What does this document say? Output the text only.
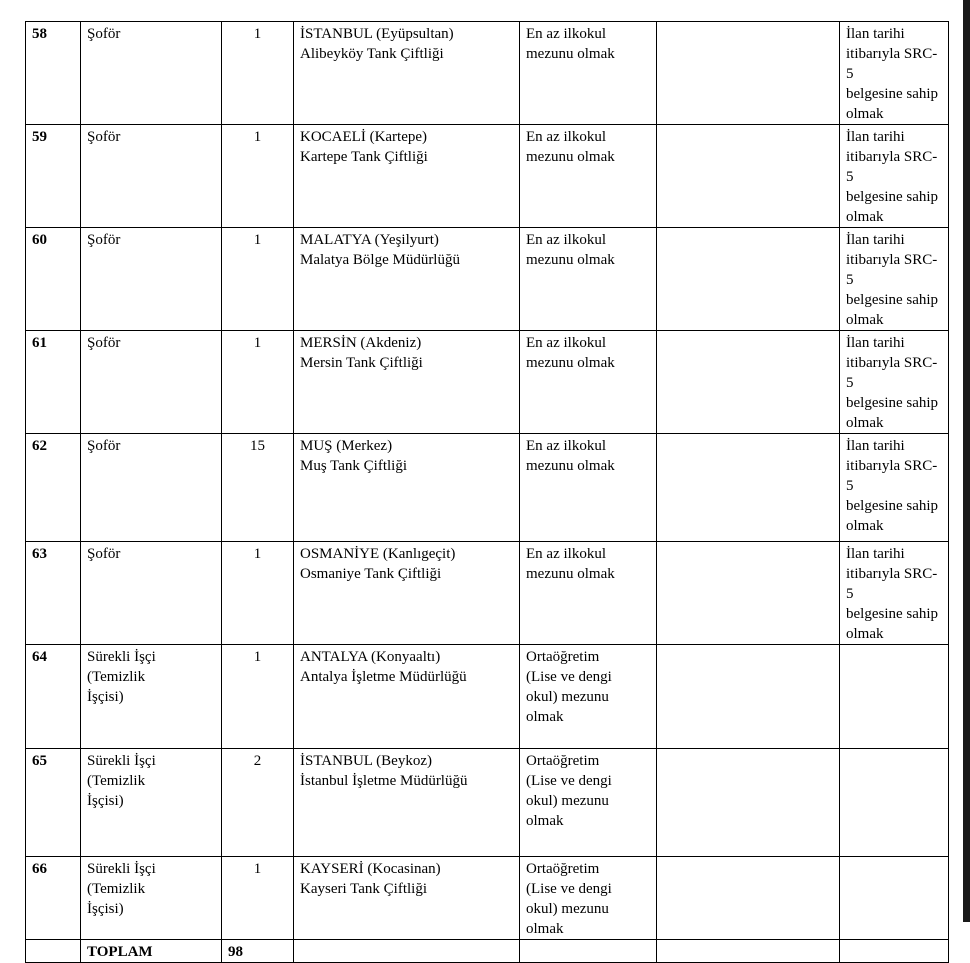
58	Şoför	1	İSTANBUL (Eyüpsultan)
Alibeyköy Tank Çiftliği	En az ilkokul
mezunu olmak		İlan tarihi
itibarıyla SRC-5
belgesine sahip
olmak

59	Şoför	1	KOCAELİ (Kartepe)
Kartepe Tank Çiftliği	En az ilkokul
mezunu olmak		İlan tarihi
itibarıyla SRC-5
belgesine sahip
olmak

60	Şoför	1	MALATYA (Yeşilyurt)
Malatya Bölge Müdürlüğü	En az ilkokul
mezunu olmak		İlan tarihi
itibarıyla SRC-5
belgesine sahip
olmak

61	Şoför	1	MERSİN (Akdeniz)
Mersin Tank Çiftliği	En az ilkokul
mezunu olmak		İlan tarihi
itibarıyla SRC-5
belgesine sahip
olmak

62	Şoför	15	MUŞ (Merkez)
Muş Tank Çiftliği	En az ilkokul
mezunu olmak		İlan tarihi
itibarıyla SRC-5
belgesine sahip
olmak

63	Şoför	1	OSMANİYE (Kanlıgeçit)
Osmaniye Tank Çiftliği	En az ilkokul
mezunu olmak		İlan tarihi
itibarıyla SRC-5
belgesine sahip
olmak

64	Sürekli İşçi
(Temizlik
İşçisi)	1	ANTALYA (Konyaaltı)
Antalya İşletme Müdürlüğü	Ortaöğretim
(Lise ve dengi
okul) mezunu
olmak		

65	Sürekli İşçi
(Temizlik
İşçisi)	2	İSTANBUL (Beykoz)
İstanbul İşletme Müdürlüğü	Ortaöğretim
(Lise ve dengi
okul) mezunu
olmak		

66	Sürekli İşçi
(Temizlik
İşçisi)	1	KAYSERİ (Kocasinan)
Kayseri Tank Çiftliği	Ortaöğretim
(Lise ve dengi
okul) mezunu
olmak		

	TOPLAM	98				
